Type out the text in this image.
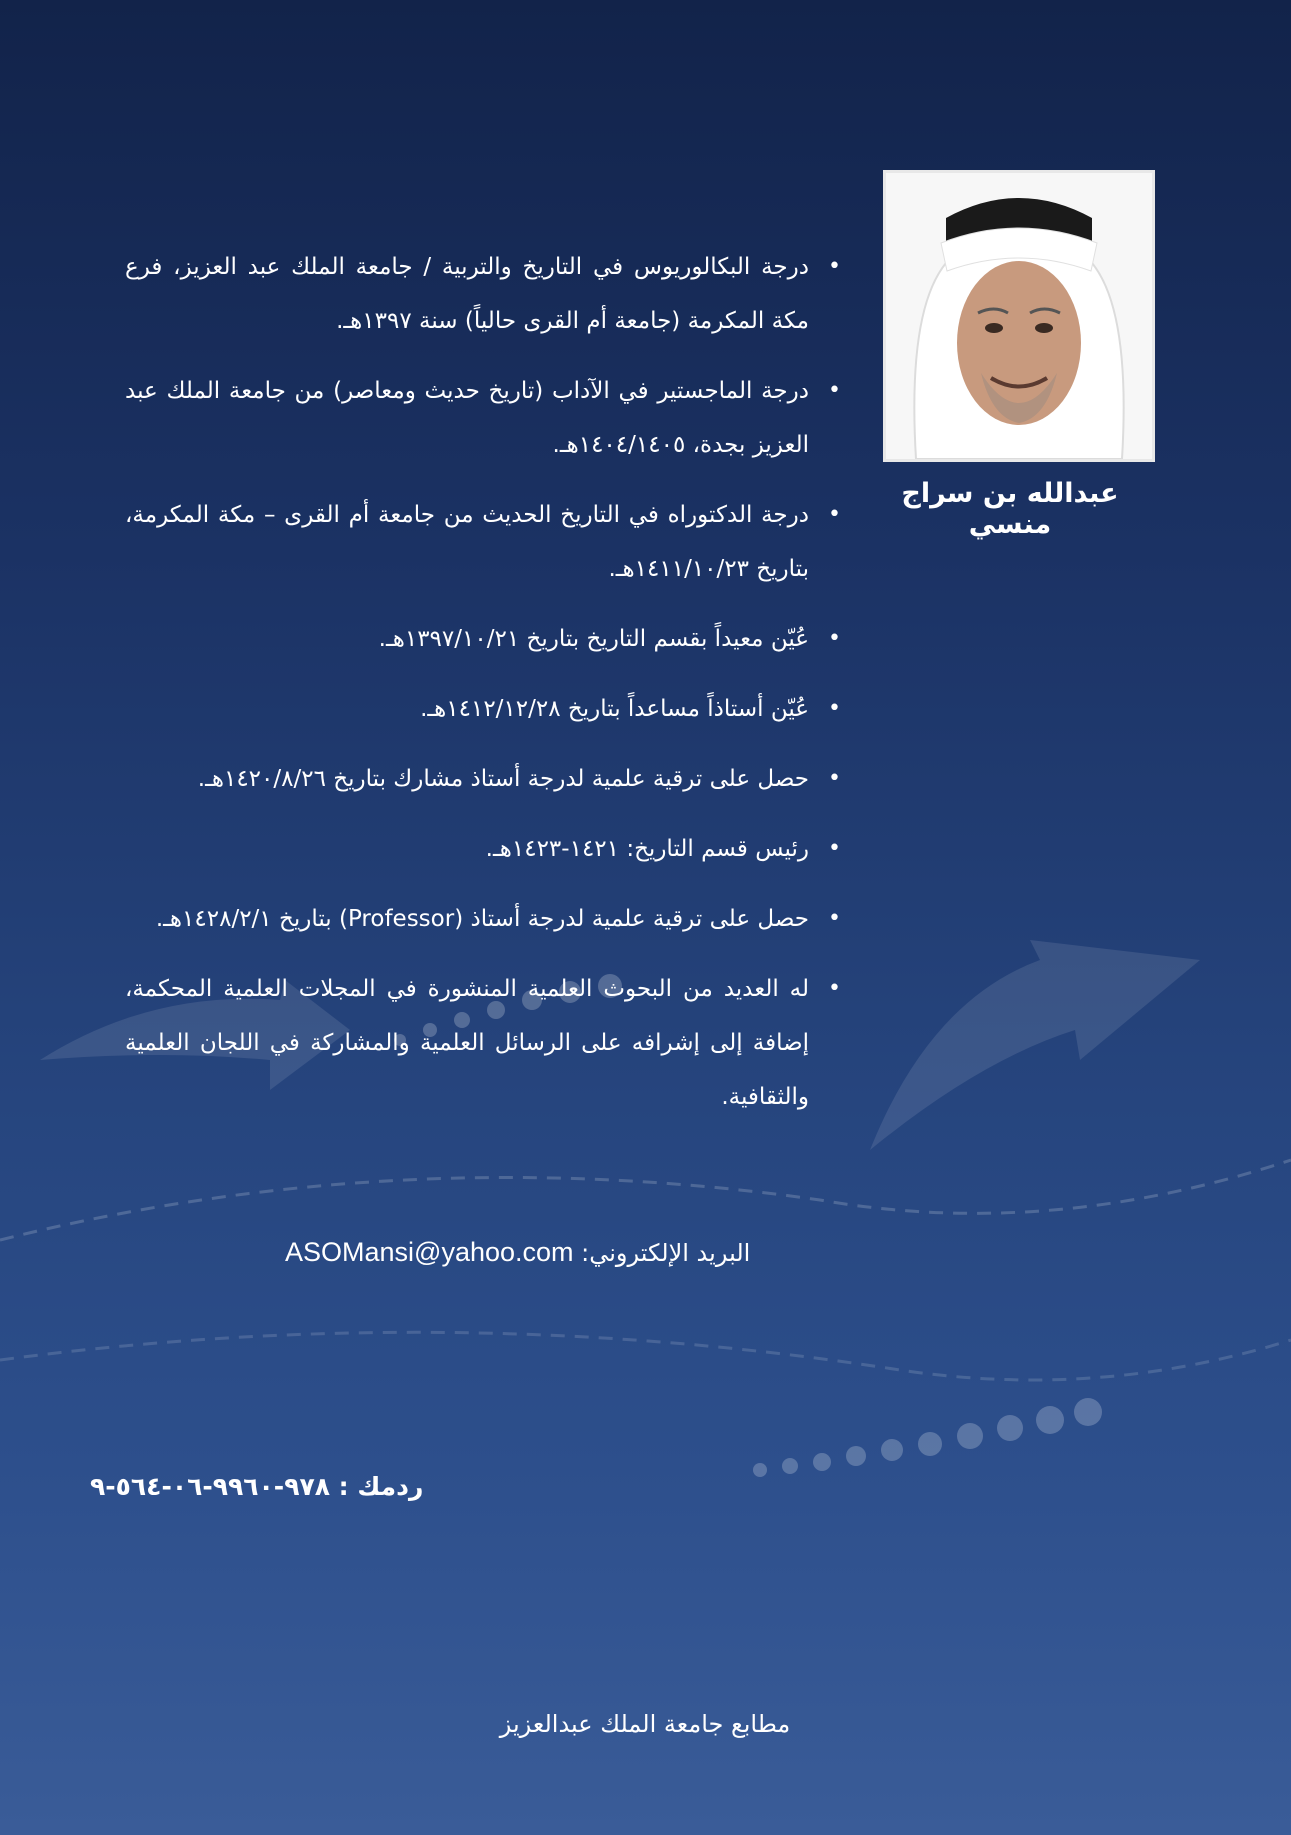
عبدالله بن سراج منسي
• درجة البكالوريوس في التاريخ والتربية / جامعة الملك عبد العزيز، فرع مكة المكرمة (جامعة أم القرى حالياً) سنة ١٣٩٧هـ.
• درجة الماجستير في الآداب (تاريخ حديث ومعاصر) من جامعة الملك عبد العزيز بجدة، ١٤٠٤/١٤٠٥هـ.
• درجة الدكتوراه في التاريخ الحديث من جامعة أم القرى – مكة المكرمة، بتاريخ ١٤١١/١٠/٢٣هـ.
• عُيّن معيداً بقسم التاريخ بتاريخ ١٣٩٧/١٠/٢١هـ.
• عُيّن أستاذاً مساعداً بتاريخ ١٤١٢/١٢/٢٨هـ.
• حصل على ترقية علمية لدرجة أستاذ مشارك بتاريخ ١٤٢٠/٨/٢٦هـ.
• رئيس قسم التاريخ: ١٤٢١-١٤٢٣هـ.
• حصل على ترقية علمية لدرجة أستاذ (Professor) بتاريخ ١٤٢٨/٢/١هـ.
• له العديد من البحوث العلمية المنشورة في المجلات العلمية المحكمة، إضافة إلى إشرافه على الرسائل العلمية والمشاركة في اللجان العلمية والثقافية.
البريد الإلكتروني: ASOMansi@yahoo.com
ردمك : ٩٧٨-٩٩٦٠-٠٦-٥٦٤-٩
مطابع جامعة الملك عبدالعزيز
